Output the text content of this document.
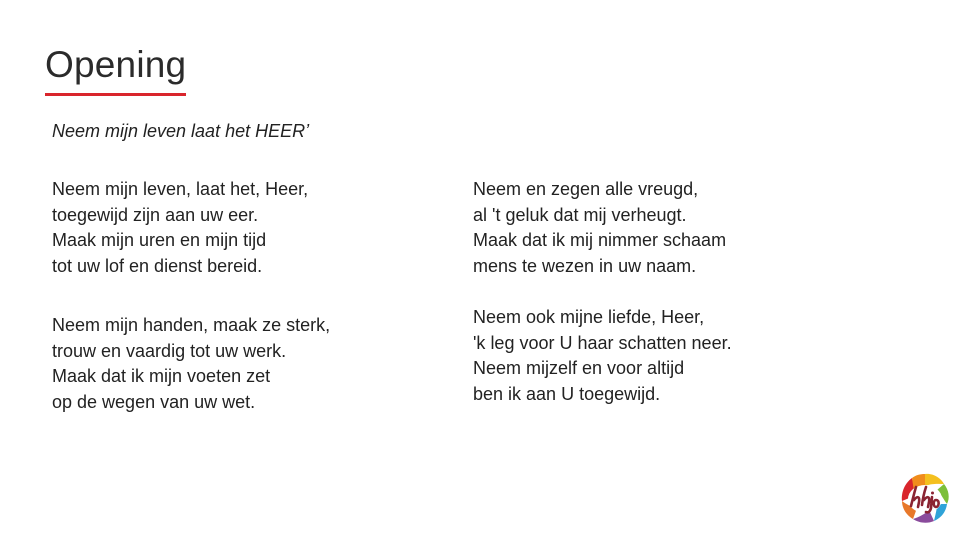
Opening
Neem mijn leven laat het HEER’
Neem mijn leven, laat het, Heer,
toegewijd zijn aan uw eer.
Maak mijn uren en mijn tijd
tot uw lof en dienst bereid.
Neem mijn handen, maak ze sterk,
trouw en vaardig tot uw werk.
Maak dat ik mijn voeten zet
op de wegen van uw wet.
Neem en zegen alle vreugd,
al 't geluk dat mij verheugt.
Maak dat ik mij nimmer schaam
mens te wezen in uw naam.
Neem ook mijne liefde, Heer,
'k leg voor U haar schatten neer.
Neem mijzelf en voor altijd
ben ik aan U toegewijd.
